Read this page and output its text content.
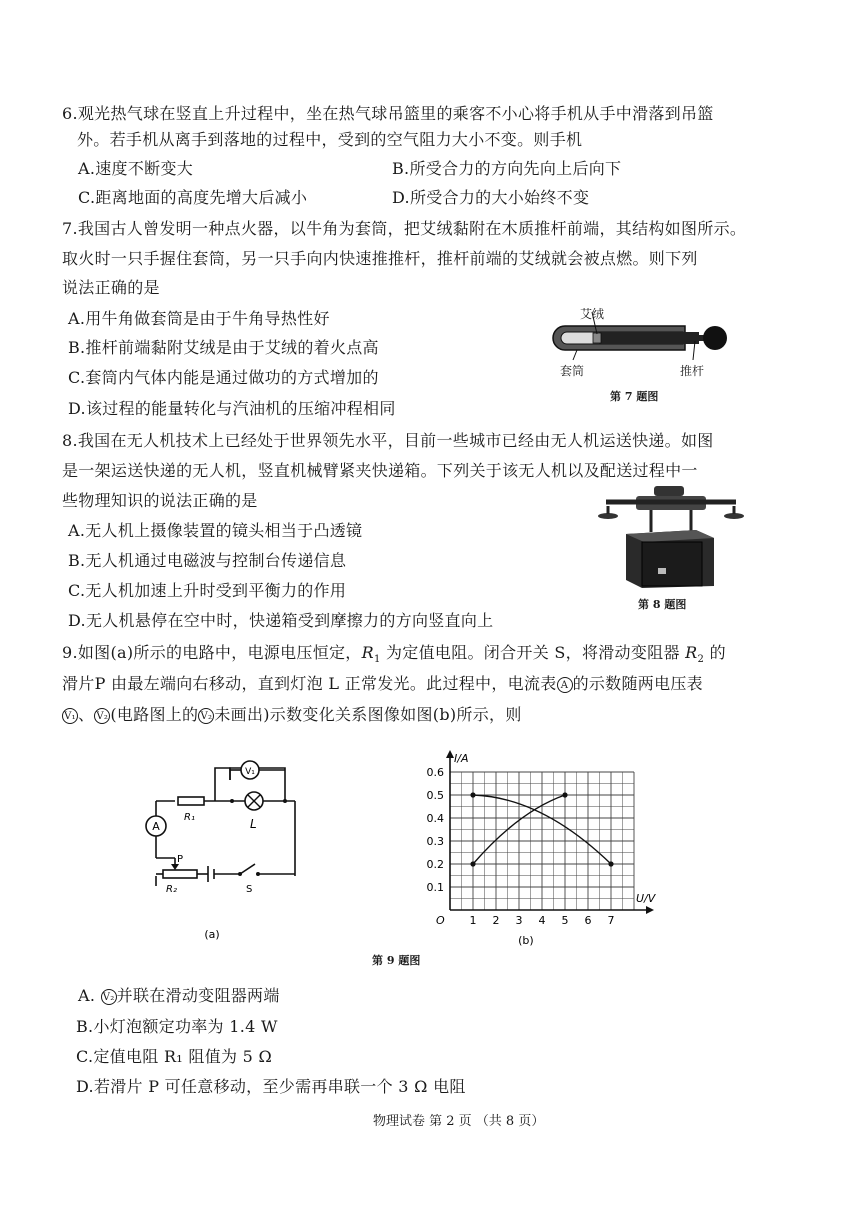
6.观光热气球在竖直上升过程中，坐在热气球吊篮里的乘客不小心将手机从手中滑落到吊篮
外。若手机从离手到落地的过程中，受到的空气阻力大小不变。则手机
A.速度不断变大	B.所受合力的方向先向上后向下
C.距离地面的高度先增大后减小	D.所受合力的大小始终不变
7.我国古人曾发明一种点火器，以牛角为套筒，把艾绒黏附在木质推杆前端，其结构如图所示。
取火时一只手握住套筒，另一只手向内快速推推杆，推杆前端的艾绒就会被点燃。则下列
说法正确的是
A.用牛角做套筒是由于牛角导热性好
B.推杆前端黏附艾绒是由于艾绒的着火点高
C.套筒内气体内能是通过做功的方式增加的
D.该过程的能量转化与汽油机的压缩冲程相同
艾绒
套筒	推杆
第 7 题图
8.我国在无人机技术上已经处于世界领先水平，目前一些城市已经由无人机运送快递。如图
是一架运送快递的无人机，竖直机械臂紧夹快递箱。下列关于该无人机以及配送过程中一
些物理知识的说法正确的是
A.无人机上摄像装置的镜头相当于凸透镜
B.无人机通过电磁波与控制台传递信息
C.无人机加速上升时受到平衡力的作用
D.无人机悬停在空中时，快递箱受到摩擦力的方向竖直向上
第 8 题图
9.如图(a)所示的电路中，电源电压恒定，$R_1$ 为定值电阻。闭合开关 S，将滑动变阻器 $R_2$ 的
滑片P 由最左端向右移动，直到灯泡 L 正常发光。此过程中，电流表 A 的示数随两电压表
V₁ 、 V₂ (电路图上的 V₂ 未画出)示数变化关系图像如图(b)所示，则
V₁
A
R₁	L
P
R₂	S
(a)
1 2 3 4 5 6 7
0.1
0.2
0.3
0.4
0.5
0.6
O
U/V
I/A
(b)
第 9 题图
A. V₂ 并联在滑动变阻器两端
B.小灯泡额定功率为 1.4 W
C.定值电阻 R₁ 阻值为 5 Ω
D.若滑片 P 可任意移动，至少需再串联一个 3 Ω 电阻
物理试卷 第 2 页 （共 8 页）
